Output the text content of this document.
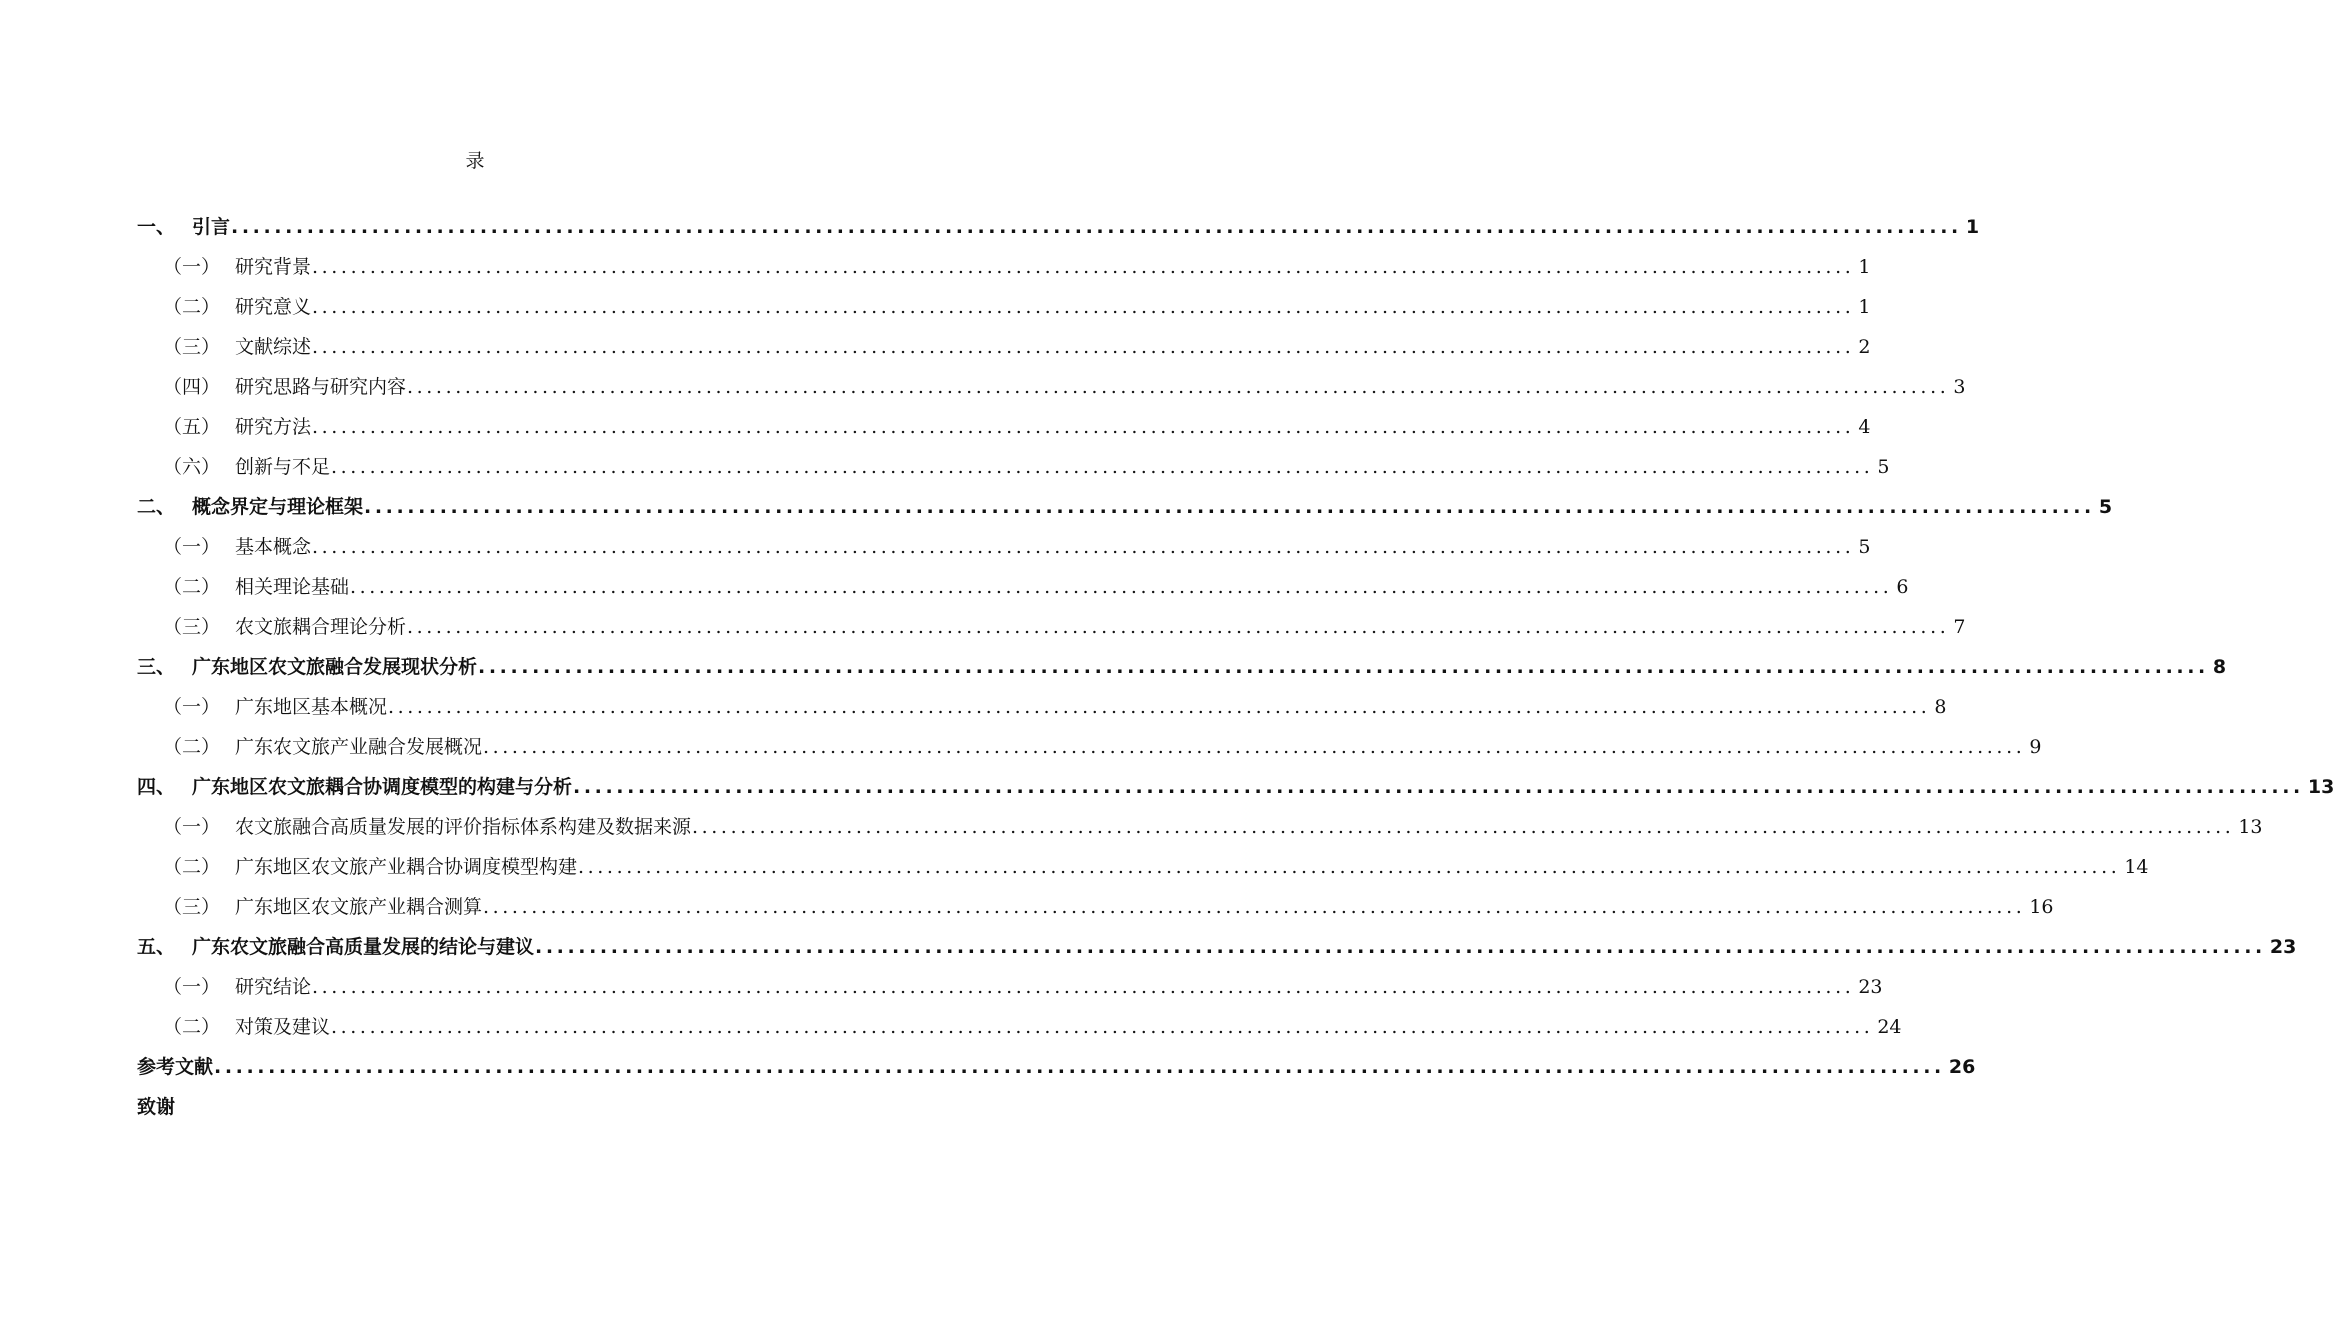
录
一、 引言 ................................................................................................................................................................ 1
（一） 研究背景 ................................................................................................................................................................ 1
（二） 研究意义 ................................................................................................................................................................ 1
（三） 文献综述 ................................................................................................................................................................ 2
（四） 研究思路与研究内容 ................................................................................................................................................................ 3
（五） 研究方法 ................................................................................................................................................................ 4
（六） 创新与不足 ................................................................................................................................................................ 5
二、 概念界定与理论框架 ................................................................................................................................................................ 5
（一） 基本概念 ................................................................................................................................................................ 5
（二） 相关理论基础 ................................................................................................................................................................ 6
（三） 农文旅耦合理论分析 ................................................................................................................................................................ 7
三、 广东地区农文旅融合发展现状分析 ................................................................................................................................................................ 8
（一） 广东地区基本概况 ................................................................................................................................................................ 8
（二） 广东农文旅产业融合发展概况 ................................................................................................................................................................ 9
四、 广东地区农文旅耦合协调度模型的构建与分析 ................................................................................................................................................................ 13
（一） 农文旅融合高质量发展的评价指标体系构建及数据来源 ................................................................................................................................................................ 13
（二） 广东地区农文旅产业耦合协调度模型构建 ................................................................................................................................................................ 14
（三） 广东地区农文旅产业耦合测算 ................................................................................................................................................................ 16
五、 广东农文旅融合高质量发展的结论与建议 ................................................................................................................................................................ 23
（一） 研究结论 ................................................................................................................................................................ 23
（二） 对策及建议 ................................................................................................................................................................ 24
参考文献 ................................................................................................................................................................ 26
致谢
